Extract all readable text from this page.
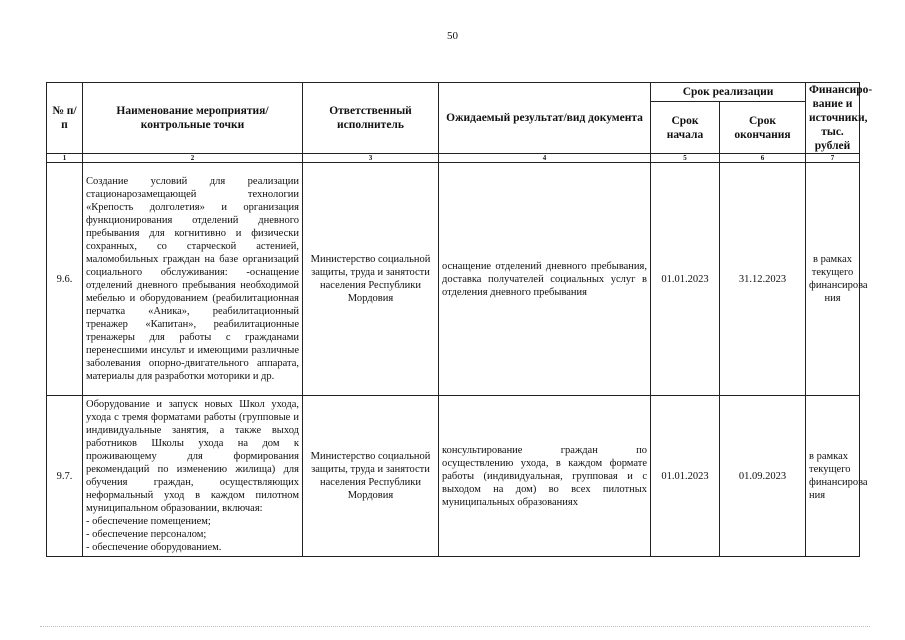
50
№ п/п	Наименование мероприятия/ контрольные точки	Ответственный исполнитель	Ожидаемый результат/вид документа	Срок реализации		Финансирование и источники, тыс. рублей
				Срок начала	Срок окончания	
1	2	3	4	5	6	7
9.6.	Создание условий для реализации стационарозамещающей технологии «Крепость долголетия» и организация функционирования отделений дневного пребывания для когнитивно и физически сохранных, со старческой астенией, маломобильных граждан на базе организаций социального обслуживания: -оснащение отделений дневного пребывания необходимой мебелью и оборудованием (реабилитационная перчатка «Аника», реабилитационный тренажер «Капитан», реабилитационные тренажеры для работы с гражданами перенесшими инсульт и имеющими различные заболевания опорно-двигательного аппарата, материалы для разработки моторики и др.	Министерство социальной защиты, труда и занятости населения Республики Мордовия	оснащение отделений дневного пребывания, доставка получателей социальных услуг в отделения дневного пребывания	01.01.2023	31.12.2023	в рамках текущего финансирова ния
9.7.	Оборудование и запуск новых Школ ухода, ухода с тремя форматами работы (групповые и индивидуальные занятия, а также выход работников Школы ухода на дом к проживающему для формирования рекомендаций по изменению жилища) для обучения граждан, осуществляющих неформальный уход в каждом пилотном муниципальном образовании, включая:
- обеспечение помещением;
- обеспечение персоналом;
- обеспечение оборудованием.	Министерство социальной защиты, труда и занятости населения Республики Мордовия	консультирование граждан по осуществлению ухода, в каждом формате работы (индивидуальная, групповая и с выходом на дом) во всех пилотных муниципальных образованиях	01.01.2023	01.09.2023	в рамках текущего финансирова ния
